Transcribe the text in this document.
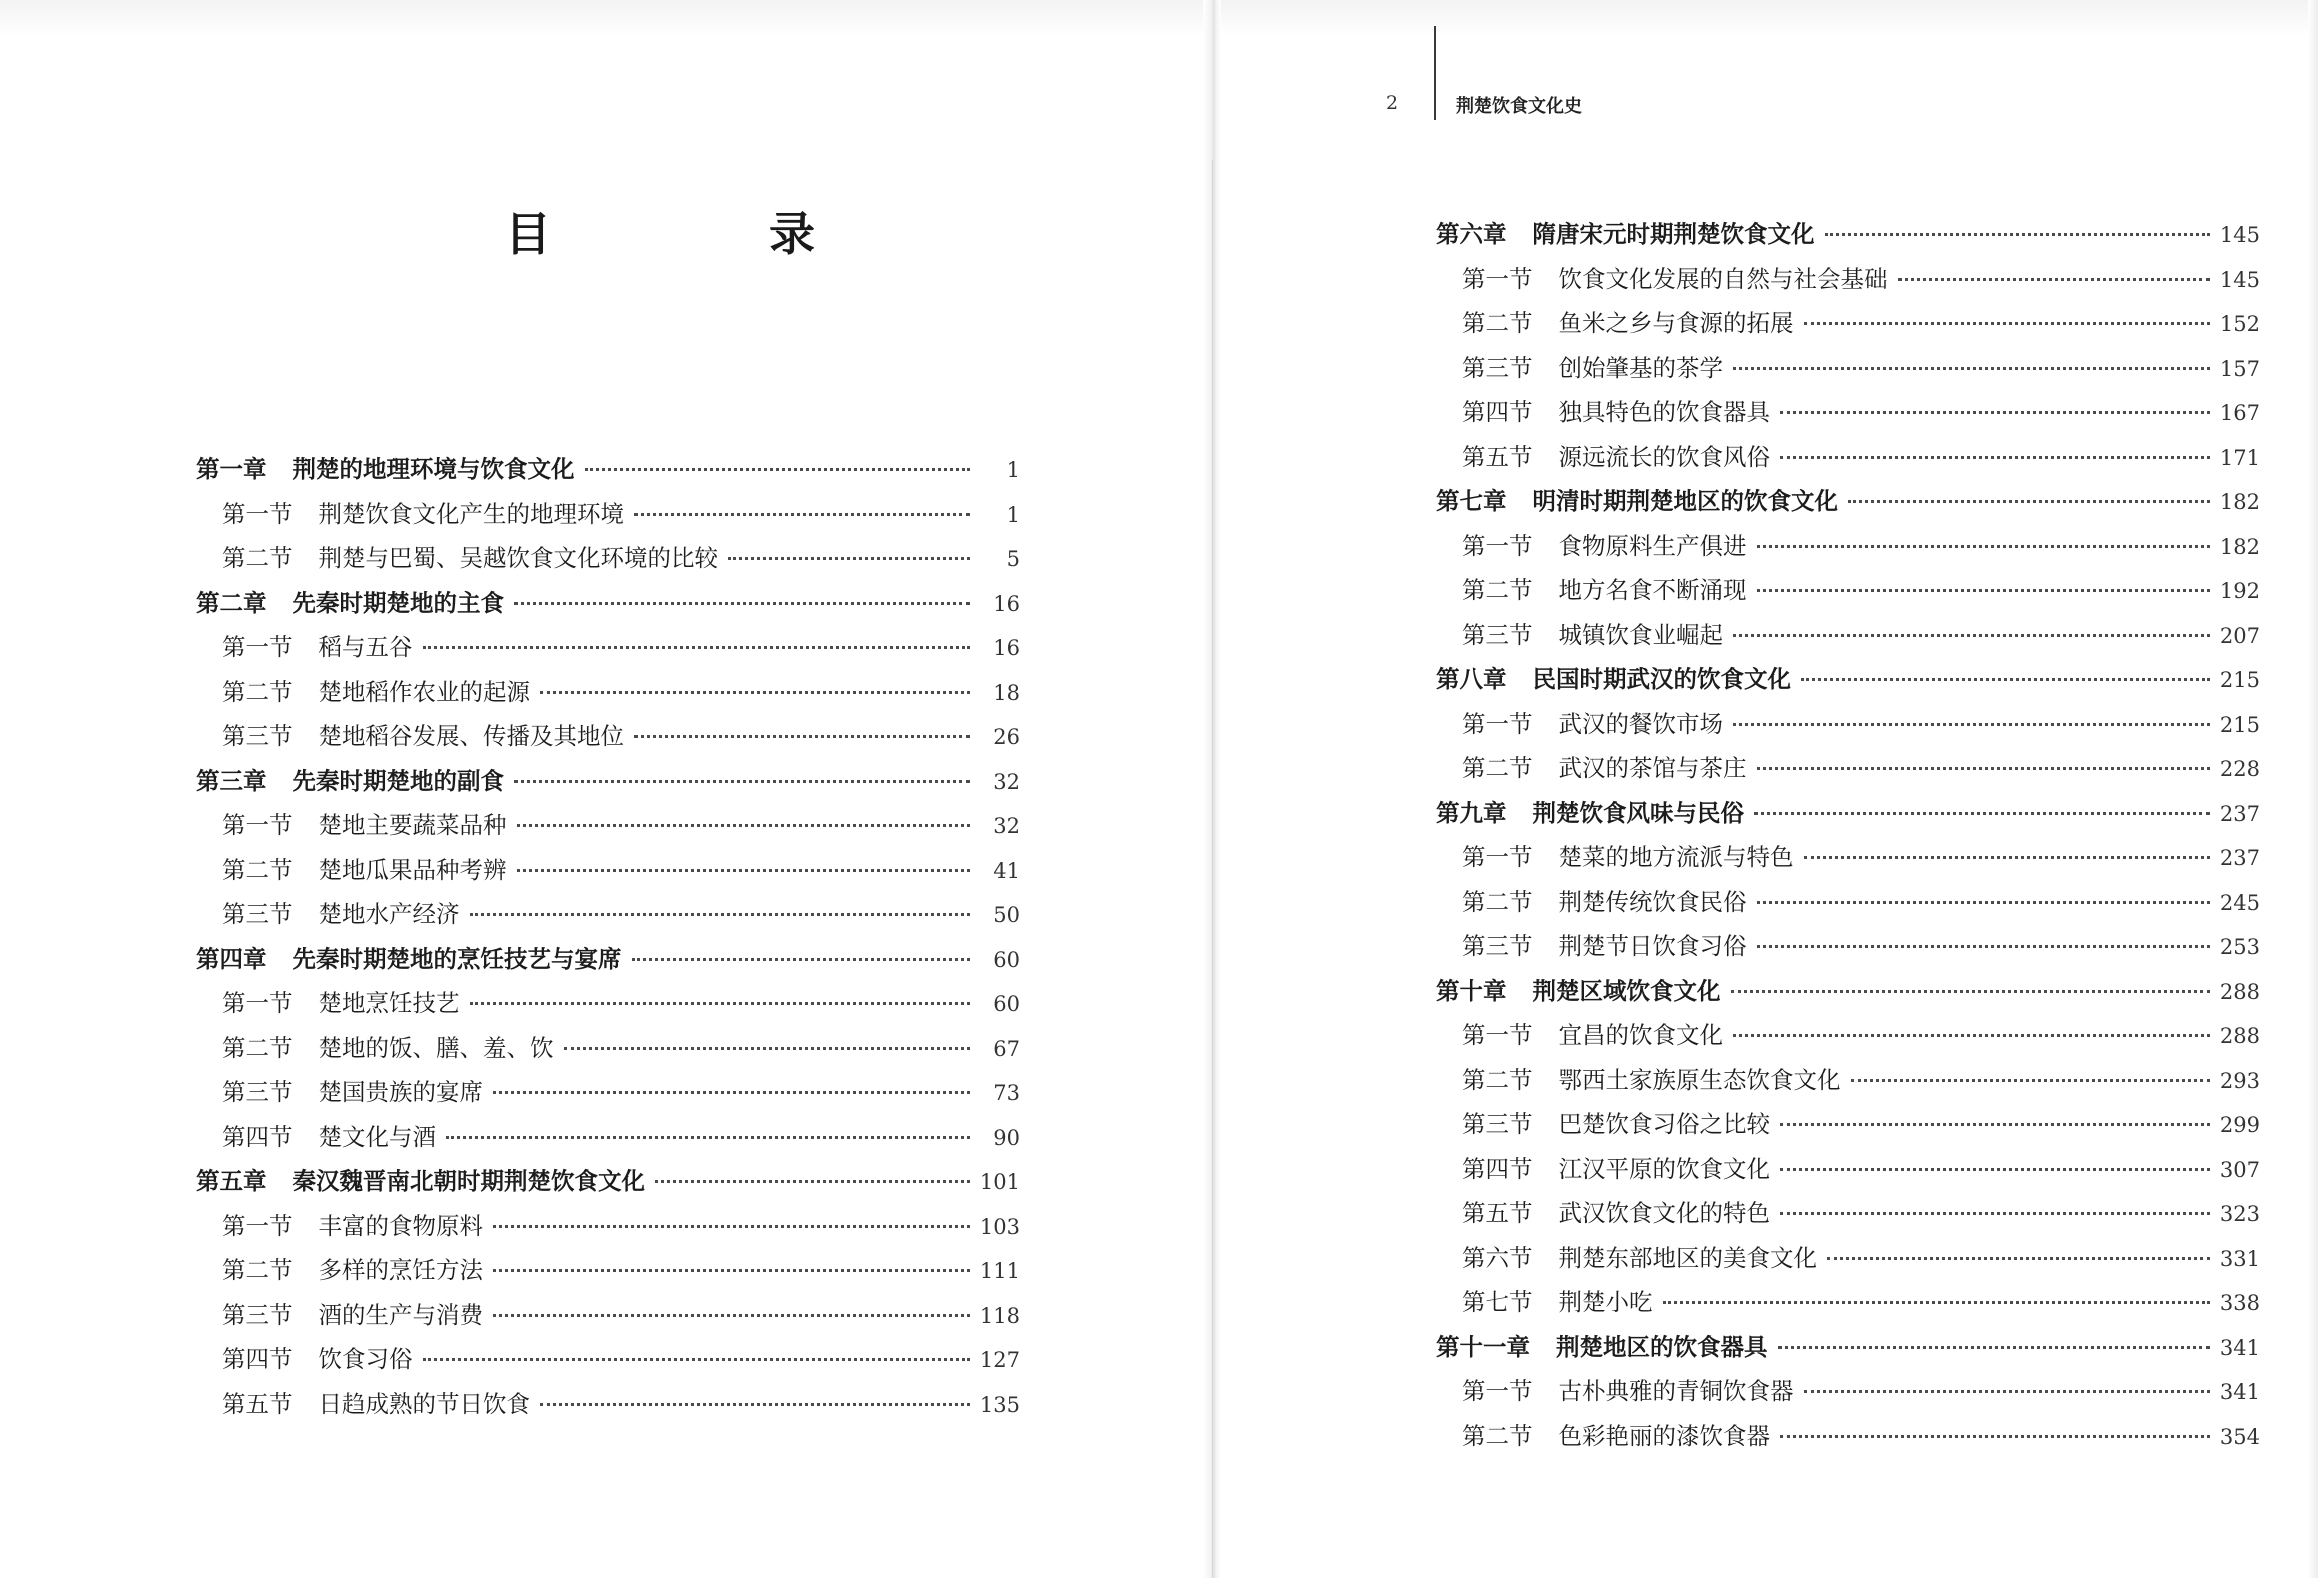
目　录
2	荆楚饮食文化史
第一章 荆楚的地理环境与饮食文化	1
第一节 荆楚饮食文化产生的地理环境	1
第二节 荆楚与巴蜀、吴越饮食文化环境的比较	5
第二章 先秦时期楚地的主食	16
第一节 稻与五谷	16
第二节 楚地稻作农业的起源	18
第三节 楚地稻谷发展、传播及其地位	26
第三章 先秦时期楚地的副食	32
第一节 楚地主要蔬菜品种	32
第二节 楚地瓜果品种考辨	41
第三节 楚地水产经济	50
第四章 先秦时期楚地的烹饪技艺与宴席	60
第一节 楚地烹饪技艺	60
第二节 楚地的饭、膳、羞、饮	67
第三节 楚国贵族的宴席	73
第四节 楚文化与酒	90
第五章 秦汉魏晋南北朝时期荆楚饮食文化	101
第一节 丰富的食物原料	103
第二节 多样的烹饪方法	111
第三节 酒的生产与消费	118
第四节 饮食习俗	127
第五节 日趋成熟的节日饮食	135
第六章 隋唐宋元时期荆楚饮食文化	145
第一节 饮食文化发展的自然与社会基础	145
第二节 鱼米之乡与食源的拓展	152
第三节 创始肇基的茶学	157
第四节 独具特色的饮食器具	167
第五节 源远流长的饮食风俗	171
第七章 明清时期荆楚地区的饮食文化	182
第一节 食物原料生产俱进	182
第二节 地方名食不断涌现	192
第三节 城镇饮食业崛起	207
第八章 民国时期武汉的饮食文化	215
第一节 武汉的餐饮市场	215
第二节 武汉的茶馆与茶庄	228
第九章 荆楚饮食风味与民俗	237
第一节 楚菜的地方流派与特色	237
第二节 荆楚传统饮食民俗	245
第三节 荆楚节日饮食习俗	253
第十章 荆楚区域饮食文化	288
第一节 宜昌的饮食文化	288
第二节 鄂西土家族原生态饮食文化	293
第三节 巴楚饮食习俗之比较	299
第四节 江汉平原的饮食文化	307
第五节 武汉饮食文化的特色	323
第六节 荆楚东部地区的美食文化	331
第七节 荆楚小吃	338
第十一章 荆楚地区的饮食器具	341
第一节 古朴典雅的青铜饮食器	341
第二节 色彩艳丽的漆饮食器	354
